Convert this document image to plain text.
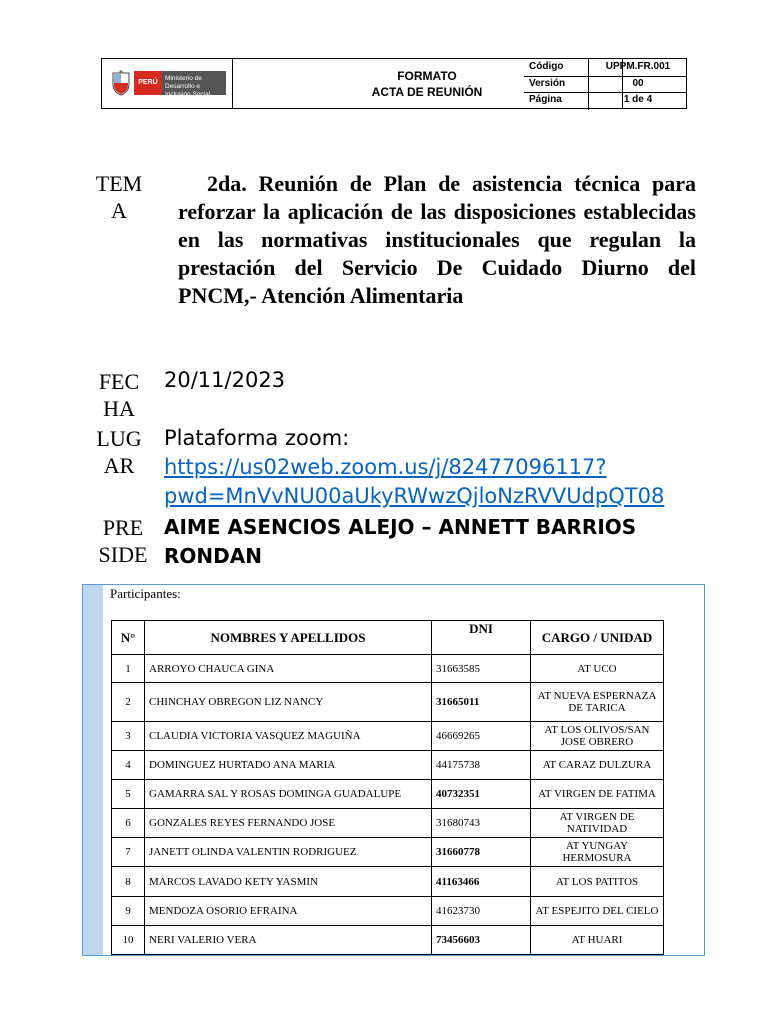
PERÚ
Ministerio de Desarrollo e Inclusión Social
FORMATO
ACTA DE REUNIÓN
Código	UPPM.FR.001
Versión	00
Página	1 de 4
TEM
A
2da. Reunión de Plan de asistencia técnica para reforzar la aplicación de las disposiciones establecidas en las normativas institucionales que regulan la prestación del Servicio De Cuidado Diurno del PNCM,- Atención Alimentaria
FEC
HA
20/11/2023
LUG
AR
Plataforma zoom:
https://us02web.zoom.us/j/82477096117?
pwd=MnVvNU00aUkyRWwzQjloNzRVVUdpQT08
PRE
SIDE
AIME ASENCIOS ALEJO – ANNETT BARRIOS
RONDAN
Participantes:
N°	NOMBRES Y APELLIDOS	DNI	CARGO / UNIDAD
1	ARROYO CHAUCA GINA	31663585	AT UCO
2	CHINCHAY OBREGON LIZ NANCY	31665011	AT NUEVA ESPERNAZA DE TARICA
3	CLAUDIA VICTORIA VASQUEZ MAGUIÑA	46669265	AT LOS OLIVOS/SAN JOSE OBRERO
4	DOMINGUEZ HURTADO ANA MARIA	44175738	AT CARAZ DULZURA
5	GAMARRA SAL Y ROSAS DOMINGA GUADALUPE	40732351	AT VIRGEN DE FATIMA
6	GONZALES REYES FERNANDO JOSE	31680743	AT VIRGEN DE NATIVIDAD
7	JANETT OLINDA VALENTIN RODRIGUEZ	31660778	AT YUNGAY HERMOSURA
8	MARCOS LAVADO KETY YASMIN	41163466	AT LOS PATITOS
9	MENDOZA OSORIO EFRAINA	41623730	AT ESPEJITO DEL CIELO
10	NERI VALERIO VERA	73456603	AT HUARI
